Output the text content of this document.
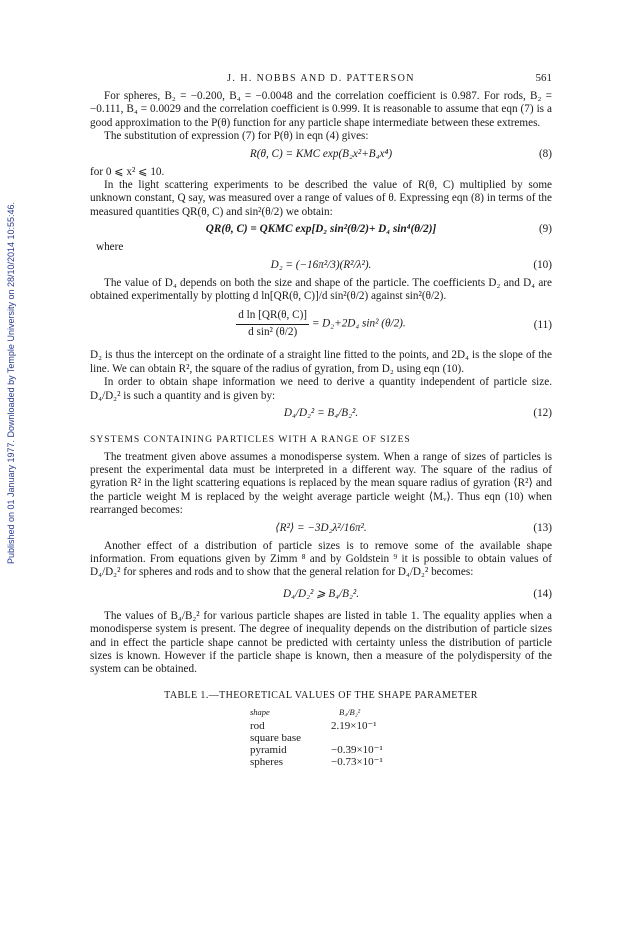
Published on 01 January 1977. Downloaded by Temple University on 28/10/2014 10:55:46.
J. H. NOBBS AND D. PATTERSON	561

For spheres, B₂ = −0.200, B₄ = −0.0048 and the correlation coefficient is 0.987. For rods, B₂ = −0.111, B₄ = 0.0029 and the correlation coefficient is 0.999. It is reasonable to assume that eqn (7) is a good approximation to the P(θ) function for any particle shape intermediate between these extremes.

The substitution of expression (7) for P(θ) in eqn (4) gives:

R(θ, C) = KMC exp(B₂x²+B₄x⁴)	(8)

for 0 ⩽ x² ⩽ 10.

In the light scattering experiments to be described the value of R(θ, C) multiplied by some unknown constant, Q say, was measured over a range of values of θ. Expressing eqn (8) in terms of the measured quantities QR(θ, C) and sin²(θ/2) we obtain:

QR(θ, C) = QKMC exp[D₂ sin²(θ/2)+ D₄ sin⁴(θ/2)]	(9)

where

D₂ = (−16π²/3)(R²/λ²).	(10)

The value of D₄ depends on both the size and shape of the particle. The coefficients D₂ and D₄ are obtained experimentally by plotting d ln[QR(θ, C)]/d sin²(θ/2) against sin²(θ/2).

$\frac{\text{d ln [QR(θ, C)]}}{\text{d sin² (θ/2)}} = D_2+2D_4$ sin² (θ/2).	(11)

D₂ is thus the intercept on the ordinate of a straight line fitted to the points, and 2D₄ is the slope of the line. We can obtain R², the square of the radius of gyration, from D₂ using eqn (10).

In order to obtain shape information we need to derive a quantity independent of particle size. D₄/D₂² is such a quantity and is given by:

D₄/D₂² = B₄/B₂².	(12)
SYSTEMS CONTAINING PARTICLES WITH A RANGE OF SIZES

The treatment given above assumes a monodisperse system. When a range of sizes of particles is present the experimental data must be interpreted in a different way. The square of the radius of gyration R² in the light scattering equations is replaced by the mean square radius of gyration ⟨R²⟩ and the particle weight M is replaced by the weight average particle weight ⟨Mᵥ⟩. Thus eqn (10) when rearranged becomes:

⟨R²⟩ = −3D₂λ²/16π².	(13)

Another effect of a distribution of particle sizes is to remove some of the available shape information. From equations given by Zimm ⁸ and by Goldstein ⁹ it is possible to obtain values of D₄/D₂² for spheres and rods and to show that the general relation for D₄/D₂² becomes:

D₄/D₂² ⩾ B₄/B₂².	(14)

The values of B₄/B₂² for various particle shapes are listed in table 1. The equality applies when a monodisperse system is present. The degree of inequality depends on the distribution of particle sizes and in effect the particle shape cannot be predicted with certainty unless the distribution of particle sizes is known. However if the particle shape is known, then a measure of the polydispersity of the system can be obtained.

TABLE 1.—THEORETICAL VALUES OF THE SHAPE PARAMETER
shape	B₄/B₂²
rod	2.19×10⁻¹
square base	
pyramid	−0.39×10⁻¹
spheres	−0.73×10⁻¹
